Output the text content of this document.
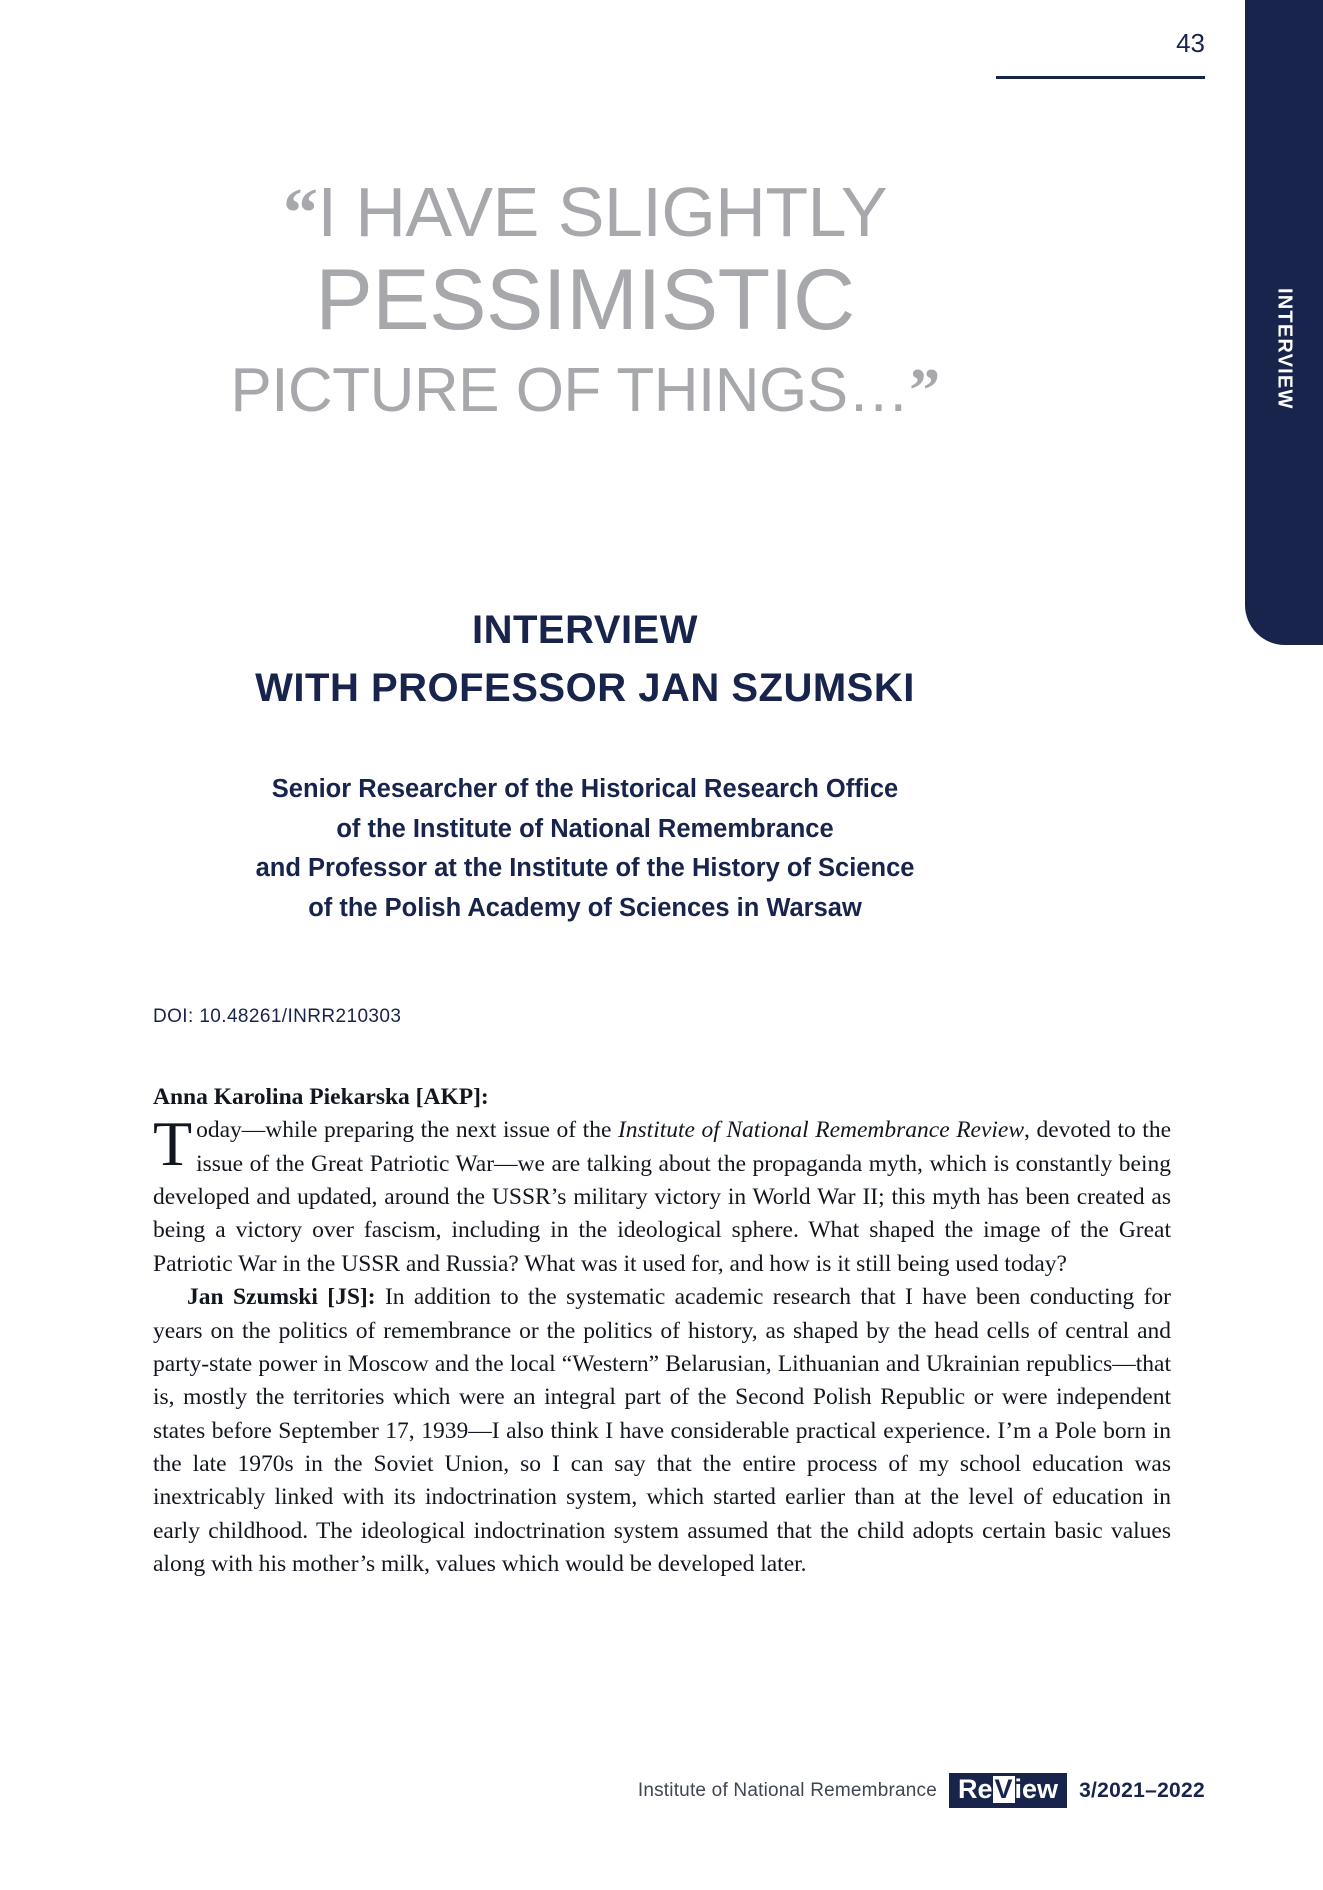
INTERVIEW
43
“I HAVE SLIGHTLY
PESSIMISTIC
PICTURE OF THINGS…”
INTERVIEW
WITH PROFESSOR JAN SZUMSKI
Senior Researcher of the Historical Research Office
of the Institute of National Remembrance
and Professor at the Institute of the History of Science
of the Polish Academy of Sciences in Warsaw
DOI: 10.48261/INRR210303

Anna Karolina Piekarska [AKP]:

Today—while preparing the next issue of the Institute of National Remembrance Review, devoted to the issue of the Great Patriotic War—we are talking about the propaganda myth, which is constantly being developed and updated, around the USSR’s military victory in World War II; this myth has been created as being a victory over fascism, including in the ideological sphere. What shaped the image of the Great Patriotic War in the USSR and Russia? What was it used for, and how is it still being used today?

Jan Szumski [JS]: In addition to the systematic academic research that I have been conducting for years on the politics of remembrance or the politics of history, as shaped by the head cells of central and party-state power in Moscow and the local “Western” Belarusian, Lithuanian and Ukrainian republics—that is, mostly the territories which were an integral part of the Second Polish Republic or were independent states before September 17, 1939—I also think I have considerable practical experience. I’m a Pole born in the late 1970s in the Soviet Union, so I can say that the entire process of my school education was inextricably linked with its indoctrination system, which started earlier than at the level of education in early childhood. The ideological indoctrination system assumed that the child adopts certain basic values along with his mother’s milk, values which would be developed later.

Institute of National Remembrance ReView	3/2021–2022
